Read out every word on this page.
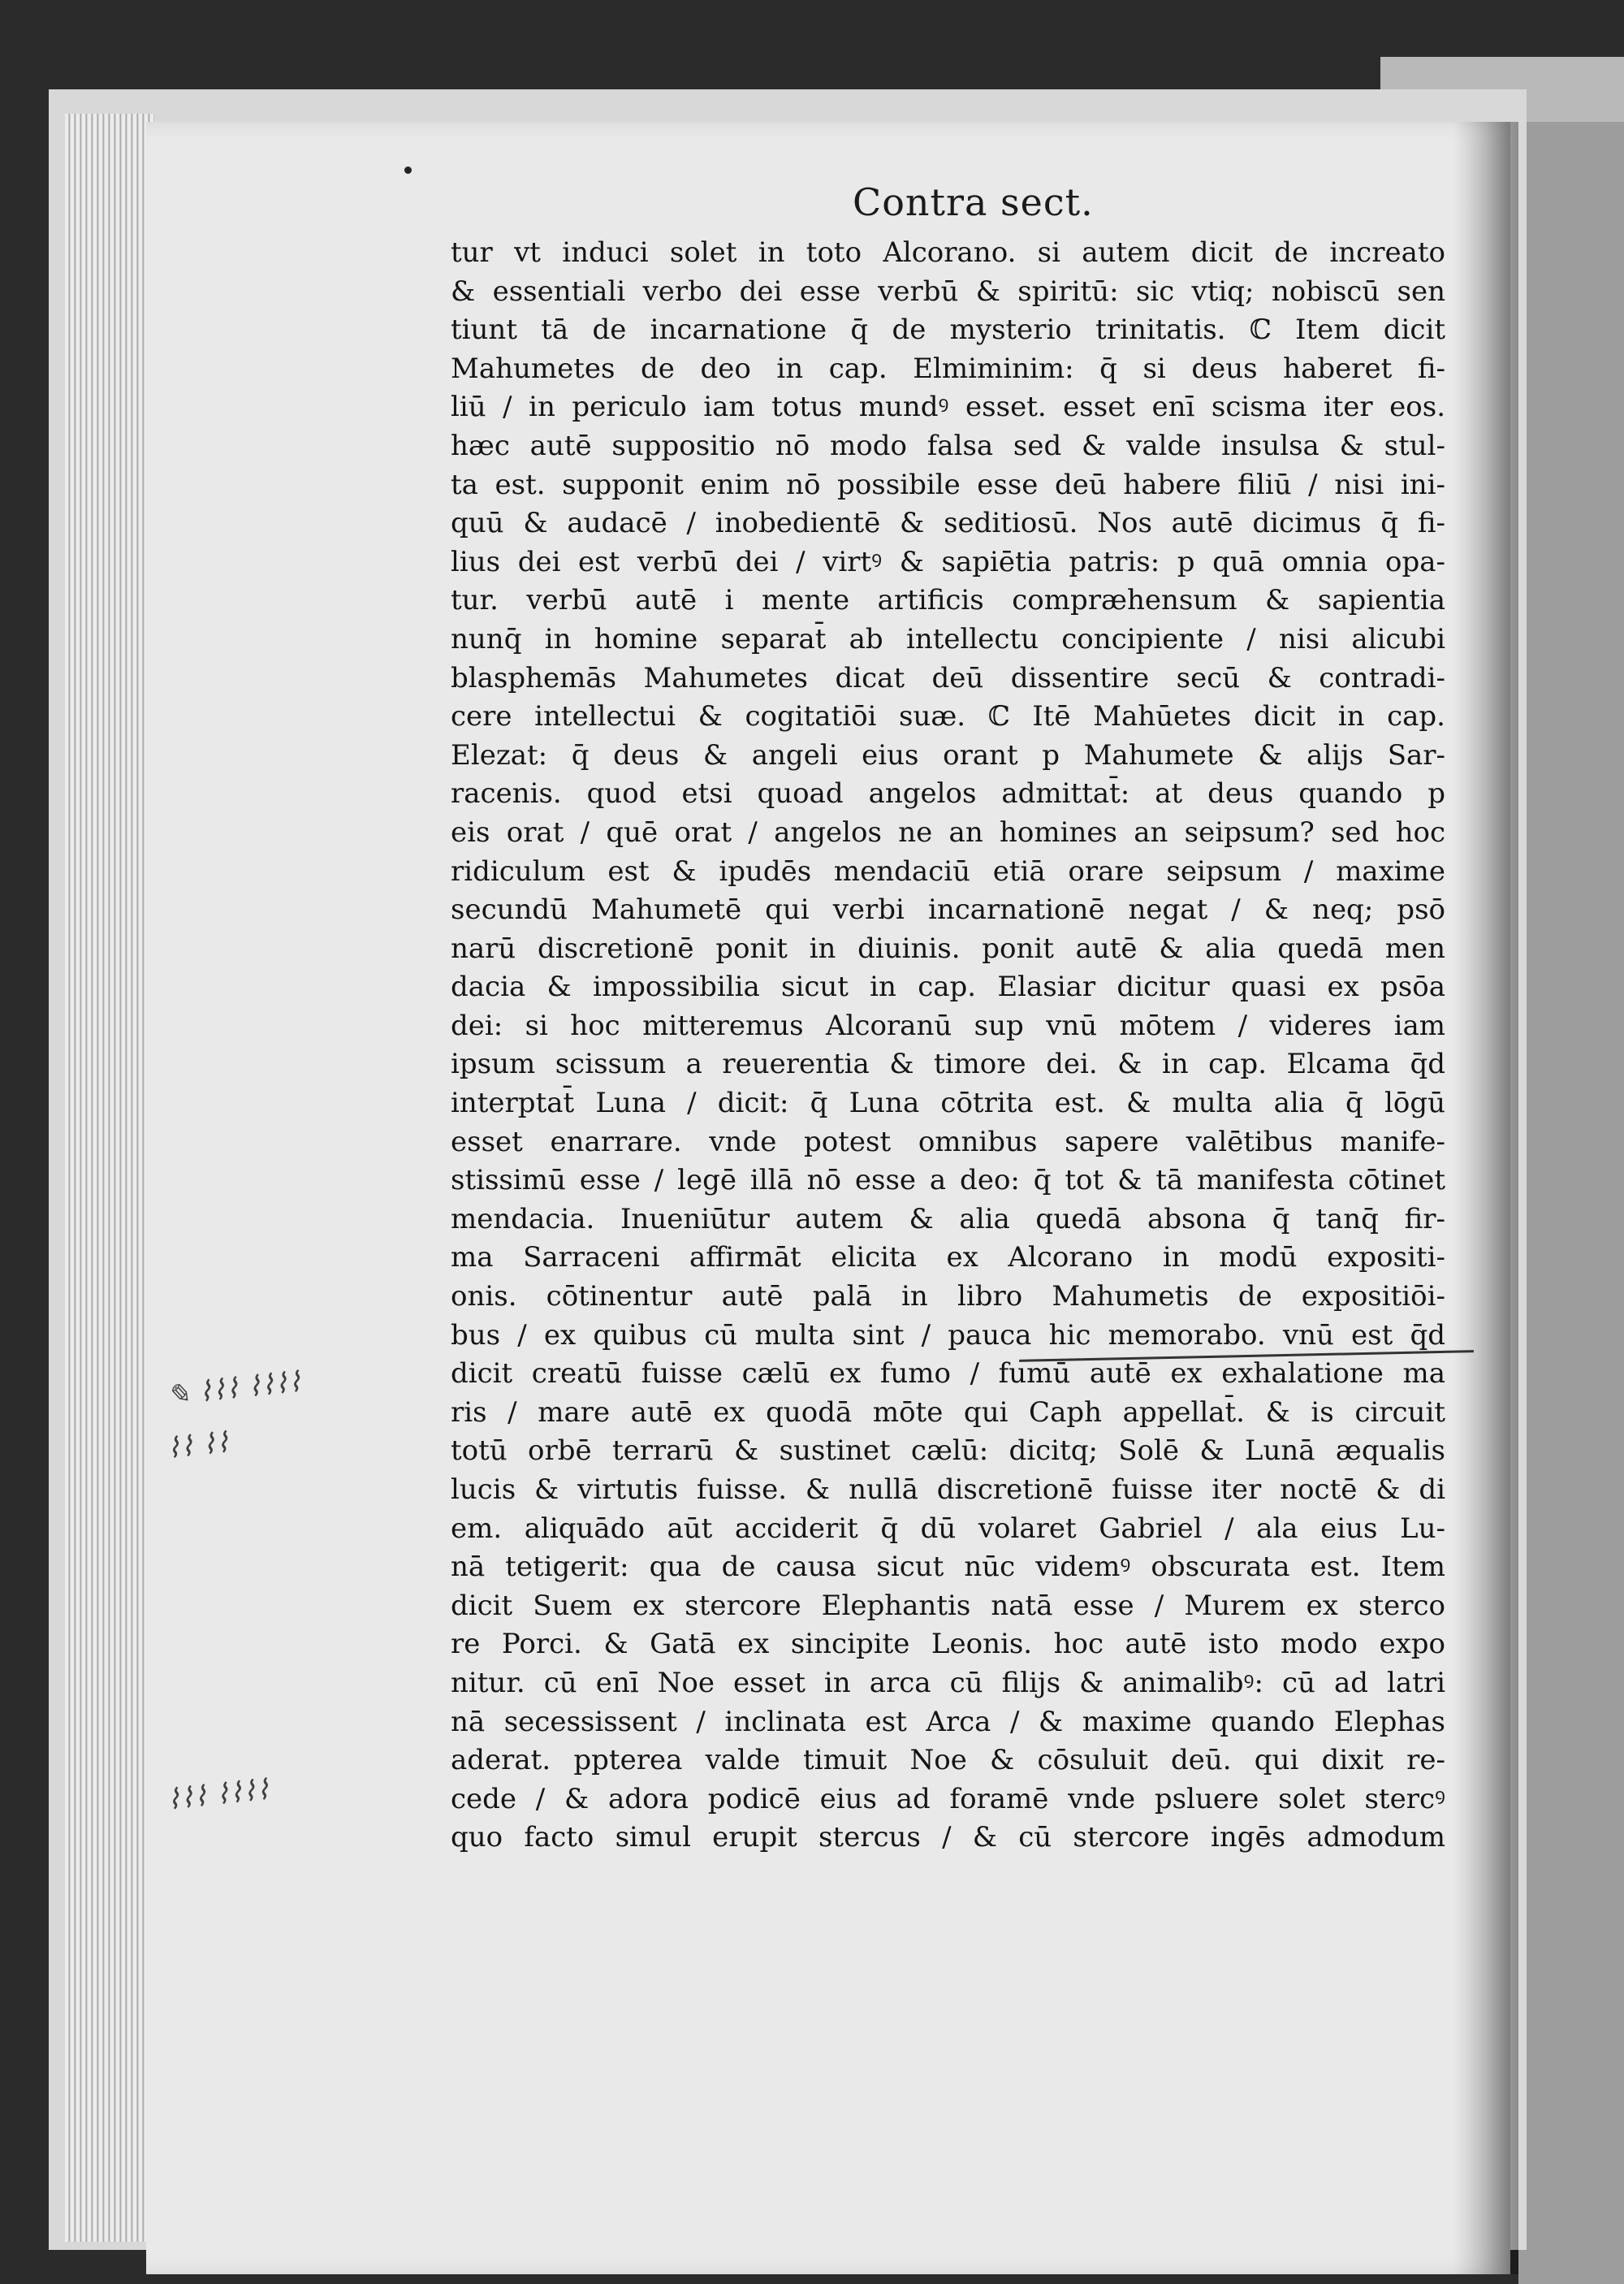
Contra sect.
tur vt induci solet in toto Alcorano. si autem dicit de increato
& essentiali verbo dei esse verbū & spiritū: sic vtiq; nobiscū sen
tiunt tā de incarnatione q̄ de mysterio trinitatis. ℂ Item dicit
Mahumetes de deo in cap. Elmiminim: q̄ si deus haberet fi-
liū / in periculo iam totus mundꝰ esset. esset enī scisma iter eos.
hæc autē suppositio nō modo falsa sed & valde insulsa & stul-
ta est. supponit enim nō possibile esse deū habere filiū / nisi ini-
quū & audacē / inobedientē & seditiosū. Nos autē dicimus q̄ fi-
lius dei est verbū dei / virtꝰ & sapiētia patris: p quā omnia opa-
tur. verbū autē i mente artificis compræhensum & sapientia
nunq̄ in homine separat̄ ab intellectu concipiente / nisi alicubi
blasphemās Mahumetes dicat deū dissentire secū & contradi-
cere intellectui & cogitatiōi suæ. ℂ Itē Mahūetes dicit in cap.
Elezat: q̄ deus & angeli eius orant p Mahumete & alijs Sar-
racenis. quod etsi quoad angelos admittat̄: at deus quando p
eis orat / quē orat / angelos ne an homines an seipsum? sed hoc
ridiculum est & ipudēs mendaciū etiā orare seipsum / maxime
secundū Mahumetē qui verbi incarnationē negat / & neq; psō
narū discretionē ponit in diuinis. ponit autē & alia quedā men
dacia & impossibilia sicut in cap. Elasiar dicitur quasi ex psōa
dei: si hoc mitteremus Alcoranū sup vnū mōtem / videres iam
ipsum scissum a reuerentia & timore dei. & in cap. Elcama q̄d
interptat̄ Luna / dicit: q̄ Luna cōtrita est. & multa alia q̄ lōgū
esset enarrare. vnde potest omnibus sapere valētibus manife-
stissimū esse / legē illā nō esse a deo: q̄ tot & tā manifesta cōtinet
mendacia. Inueniūtur autem & alia quedā absona q̄ tanq̄ fir-
ma Sarraceni affirmāt elicita ex Alcorano in modū expositi-
onis. cōtinentur autē palā in libro Mahumetis de expositiōi-
bus / ex quibus cū multa sint / pauca hic memorabo. vnū est q̄d
dicit creatū fuisse cælū ex fumo / fumū autē ex exhalatione ma
ris / mare autē ex quodā mōte qui Caph appellat̄. & is circuit
totū orbē terrarū & sustinet cælū: dicitq; Solē & Lunā æqualis
lucis & virtutis fuisse. & nullā discretionē fuisse iter noctē & di
em. aliquādo aūt acciderit q̄ dū volaret Gabriel / ala eius Lu-
nā tetigerit: qua de causa sicut nūc videmꝰ obscurata est. Item
dicit Suem ex stercore Elephantis natā esse / Murem ex sterco
re Porci. & Gatā ex sincipite Leonis. hoc autē isto modo expo
nitur. cū enī Noe esset in arca cū filijs & animalibꝰ: cū ad latri
nā secessissent / inclinata est Arca / & maxime quando Elephas
aderat. ppterea valde timuit Noe & cōsuluit deū. qui dixit re-
cede / & adora podicē eius ad foramē vnde psluere solet stercꝰ
quo facto simul erupit stercus / & cū stercore ingēs admodum
✎ ⌇⌇⌇ ⌇⌇⌇⌇
⌇⌇ ⌇⌇
⌇⌇⌇ ⌇⌇⌇⌇
